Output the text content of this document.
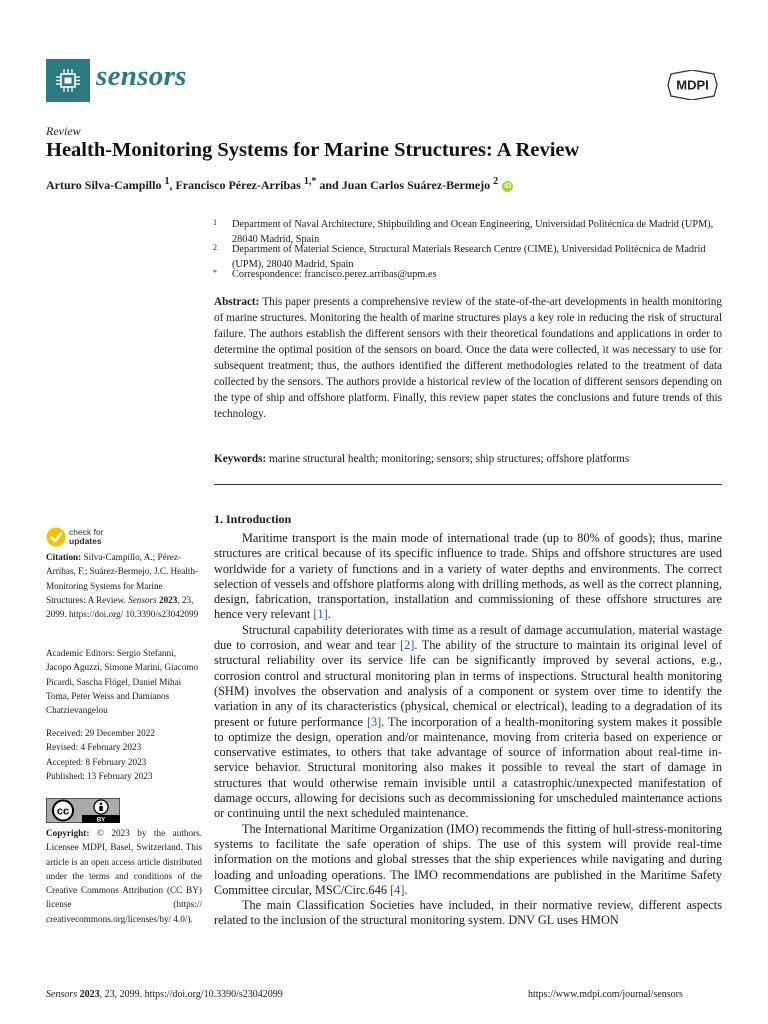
sensors	MDPI
Review
Health-Monitoring Systems for Marine Structures: A Review
Arturo Silva-Campillo $^1$, Francisco Pérez-Arribas $^{1,*}$ and Juan Carlos Suárez-Bermejo $^2$ iD
1 Department of Naval Architecture, Shipbuilding and Ocean Engineering, Universidad Politécnica de Madrid (UPM), 28040 Madrid, Spain
2 Department of Material Science, Structural Materials Research Centre (CIME), Universidad Politécnica de Madrid (UPM), 28040 Madrid, Spain
* Correspondence: francisco.perez.arribas@upm.es
Abstract: This paper presents a comprehensive review of the state-of-the-art developments in health monitoring of marine structures. Monitoring the health of marine structures plays a key role in reducing the risk of structural failure. The authors establish the different sensors with their theoretical foundations and applications in order to determine the optimal position of the sensors on board. Once the data were collected, it was necessary to use for subsequent treatment; thus, the authors identified the different methodologies related to the treatment of data collected by the sensors. The authors provide a historical review of the location of different sensors depending on the type of ship and offshore platform. Finally, this review paper states the conclusions and future trends of this technology.
Keywords: marine structural health; monitoring; sensors; ship structures; offshore platforms
check for
updates
Citation: Silva-Campillo, A.; Pérez-Arribas, F.; Suárez-Bermejo, J.C. Health-Monitoring Systems for Marine Structures: A Review. Sensors 2023, 23, 2099. https://doi.org/ 10.3390/s23042099
Academic Editors: Sergio Stefanni, Jacopo Aguzzi, Simone Marini, Giacomo Picardi, Sascha Flögel, Daniel Mihai Toma, Peter Weiss and Damianos Chatzievangelou
Received: 29 December 2022
Revised: 4 February 2023
Accepted: 8 February 2023
Published: 13 February 2023
cc
BY
Copyright: © 2023 by the authors. Licensee MDPI, Basel, Switzerland. This article is an open access article distributed under the terms and conditions of the Creative Commons Attribution (CC BY) license (https:// creativecommons.org/licenses/by/ 4.0/).
1. Introduction

Maritime transport is the main mode of international trade (up to 80% of goods); thus, marine structures are critical because of its specific influence to trade. Ships and offshore structures are used worldwide for a variety of functions and in a variety of water depths and environments. The correct selection of vessels and offshore platforms along with drilling methods, as well as the correct planning, design, fabrication, transportation, installation and commissioning of these offshore structures are hence very relevant [1].

Structural capability deteriorates with time as a result of damage accumulation, material wastage due to corrosion, and wear and tear [2]. The ability of the structure to maintain its original level of structural reliability over its service life can be significantly improved by several actions, e.g., corrosion control and structural monitoring plan in terms of inspections. Structural health monitoring (SHM) involves the observation and analysis of a component or system over time to identify the variation in any of its characteristics (physical, chemical or electrical), leading to a degradation of its present or future performance [3]. The incorporation of a health-monitoring system makes it possible to optimize the design, operation and/or maintenance, moving from criteria based on experience or conservative estimates, to others that take advantage of source of information about real-time in-service behavior. Structural monitoring also makes it possible to reveal the start of damage in structures that would otherwise remain invisible until a catastrophic/unexpected manifestation of damage occurs, allowing for decisions such as decommissioning for unscheduled maintenance actions or continuing until the next scheduled maintenance.

The International Maritime Organization (IMO) recommends the fitting of hull-stress-monitoring systems to facilitate the safe operation of ships. The use of this system will provide real-time information on the motions and global stresses that the ship experiences while navigating and during loading and unloading operations. The IMO recommendations are published in the Maritime Safety Committee circular, MSC/Circ.646 [4].

The main Classification Societies have included, in their normative review, different aspects related to the inclusion of the structural monitoring system. DNV GL uses HMON

Sensors 2023, 23, 2099. https://doi.org/10.3390/s23042099	https://www.mdpi.com/journal/sensors
